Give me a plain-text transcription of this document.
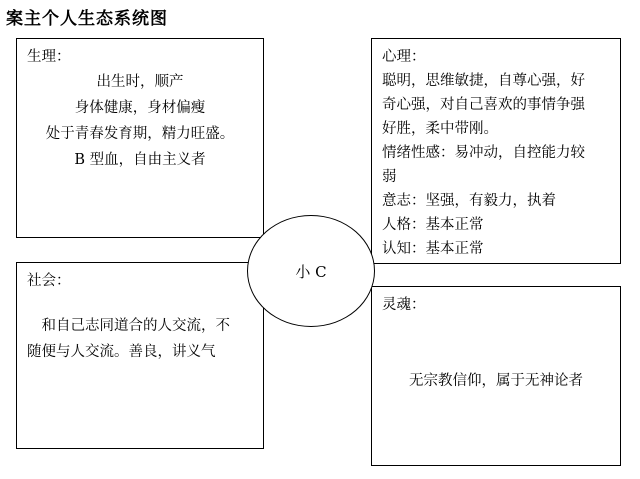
案主个人生态系统图
生理：
出生时，顺产
身体健康，身材偏瘦
处于青春发育期，精力旺盛。
B 型血，自由主义者
心理：
聪明，思维敏捷，自尊心强，好
奇心强，对自己喜欢的事情争强
好胜，柔中带刚。
情绪性感：易冲动，自控能力较
弱
意志：坚强，有毅力，执着
人格：基本正常
认知：基本正常
社会：
和自己志同道合的人交流，不
随便与人交流。善良，讲义气
灵魂：
无宗教信仰，属于无神论者
小 C
